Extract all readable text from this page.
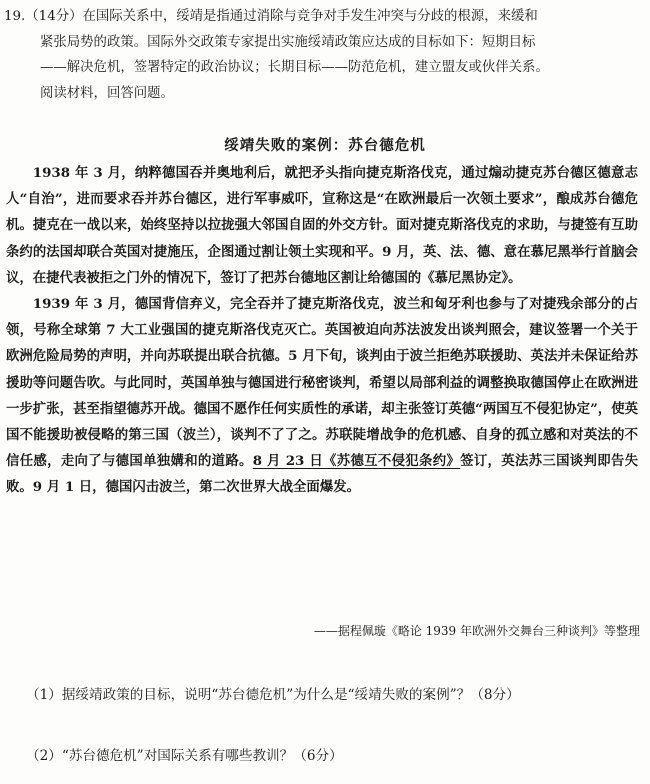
19.（14分）在国际关系中，绥靖是指通过消除与竞争对手发生冲突与分歧的根源，来缓和

紧张局势的政策。国际外交政策专家提出实施绥靖政策应达成的目标如下：短期目标

——解决危机，签署特定的政治协议；长期目标——防范危机，建立盟友或伙伴关系。

阅读材料，回答问题。

绥靖失败的案例：苏台德危机

1938 年 3 月，纳粹德国吞并奥地利后，就把矛头指向捷克斯洛伐克，通过煽动捷克苏台德区德意志人“自治”，进而要求吞并苏台德区，进行军事威吓，宣称这是“在欧洲最后一次领土要求”，酿成苏台德危机。捷克在一战以来，始终坚持以拉拢强大邻国自固的外交方针。面对捷克斯洛伐克的求助，与捷签有互助条约的法国却联合英国对捷施压，企图通过割让领土实现和平。9 月，英、法、德、意在慕尼黑举行首脑会议，在捷代表被拒之门外的情况下，签订了把苏台德地区割让给德国的《慕尼黑协定》。

1939 年 3 月，德国背信弃义，完全吞并了捷克斯洛伐克，波兰和匈牙利也参与了对捷残余部分的占领，号称全球第 7 大工业强国的捷克斯洛伐克灭亡。英国被迫向苏法波发出谈判照会，建议签署一个关于欧洲危险局势的声明，并向苏联提出联合抗德。5 月下旬，谈判由于波兰拒绝苏联援助、英法并未保证给苏援助等问题告吹。与此同时，英国单独与德国进行秘密谈判，希望以局部利益的调整换取德国停止在欧洲进一步扩张，甚至指望德苏开战。德国不愿作任何实质性的承诺，却主张签订英德“两国互不侵犯协定”，使英国不能援助被侵略的第三国（波兰），谈判不了了之。苏联陡增战争的危机感、自身的孤立感和对英法的不信任感，走向了与德国单独媾和的道路。8 月 23 日《苏德互不侵犯条约》签订，英法苏三国谈判即告失败。9 月 1 日，德国闪击波兰，第二次世界大战全面爆发。

——据程佩璇《略论 1939 年欧洲外交舞台三种谈判》等整理
（1）据绥靖政策的目标，说明“苏台德危机”为什么是“绥靖失败的案例”？（8分）
（2）“苏台德危机”对国际关系有哪些教训？（6分）
